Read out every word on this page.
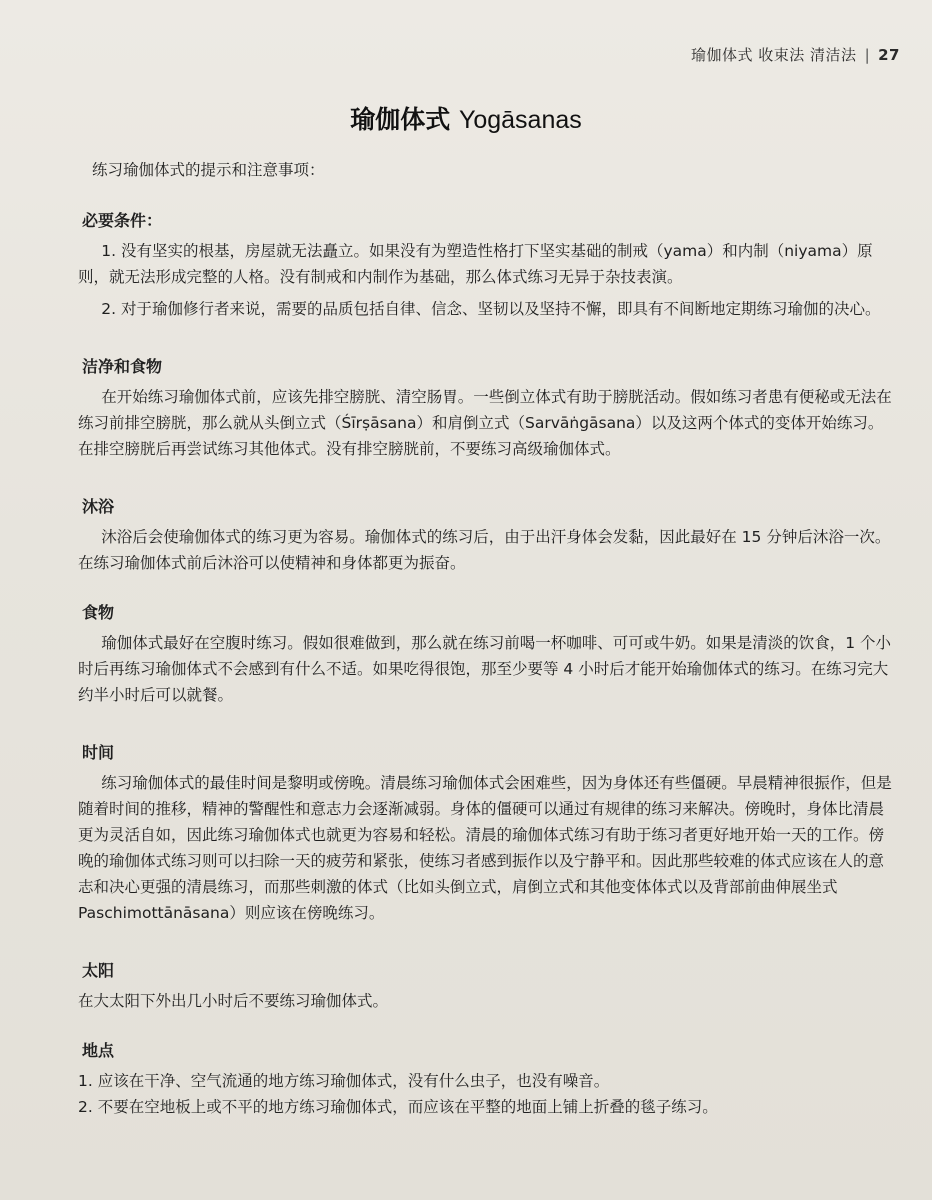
瑜伽体式 收束法 清洁法 | 27
瑜伽体式 Yogāsanas
练习瑜伽体式的提示和注意事项：
必要条件：

1. 没有坚实的根基，房屋就无法矗立。如果没有为塑造性格打下坚实基础的制戒（yama）和内制（niyama）原则，就无法形成完整的人格。没有制戒和内制作为基础，那么体式练习无异于杂技表演。

2. 对于瑜伽修行者来说，需要的品质包括自律、信念、坚韧以及坚持不懈，即具有不间断地定期练习瑜伽的决心。

洁净和食物

在开始练习瑜伽体式前，应该先排空膀胱、清空肠胃。一些倒立体式有助于膀胱活动。假如练习者患有便秘或无法在练习前排空膀胱，那么就从头倒立式（Śīrṣāsana）和肩倒立式（Sarvāṅgāsana）以及这两个体式的变体开始练习。在排空膀胱后再尝试练习其他体式。没有排空膀胱前，不要练习高级瑜伽体式。

沐浴

沐浴后会使瑜伽体式的练习更为容易。瑜伽体式的练习后，由于出汗身体会发黏，因此最好在 15 分钟后沐浴一次。在练习瑜伽体式前后沐浴可以使精神和身体都更为振奋。

食物

瑜伽体式最好在空腹时练习。假如很难做到，那么就在练习前喝一杯咖啡、可可或牛奶。如果是清淡的饮食，1 个小时后再练习瑜伽体式不会感到有什么不适。如果吃得很饱，那至少要等 4 小时后才能开始瑜伽体式的练习。在练习完大约半小时后可以就餐。

时间

练习瑜伽体式的最佳时间是黎明或傍晚。清晨练习瑜伽体式会困难些，因为身体还有些僵硬。早晨精神很振作，但是随着时间的推移，精神的警醒性和意志力会逐渐减弱。身体的僵硬可以通过有规律的练习来解决。傍晚时，身体比清晨更为灵活自如，因此练习瑜伽体式也就更为容易和轻松。清晨的瑜伽体式练习有助于练习者更好地开始一天的工作。傍晚的瑜伽体式练习则可以扫除一天的疲劳和紧张，使练习者感到振作以及宁静平和。因此那些较难的体式应该在人的意志和决心更强的清晨练习，而那些刺激的体式（比如头倒立式，肩倒立式和其他变体体式以及背部前曲伸展坐式 Paschimottānāsana）则应该在傍晚练习。

太阳

在大太阳下外出几小时后不要练习瑜伽体式。

地点

1. 应该在干净、空气流通的地方练习瑜伽体式，没有什么虫子，也没有噪音。

2. 不要在空地板上或不平的地方练习瑜伽体式，而应该在平整的地面上铺上折叠的毯子练习。
